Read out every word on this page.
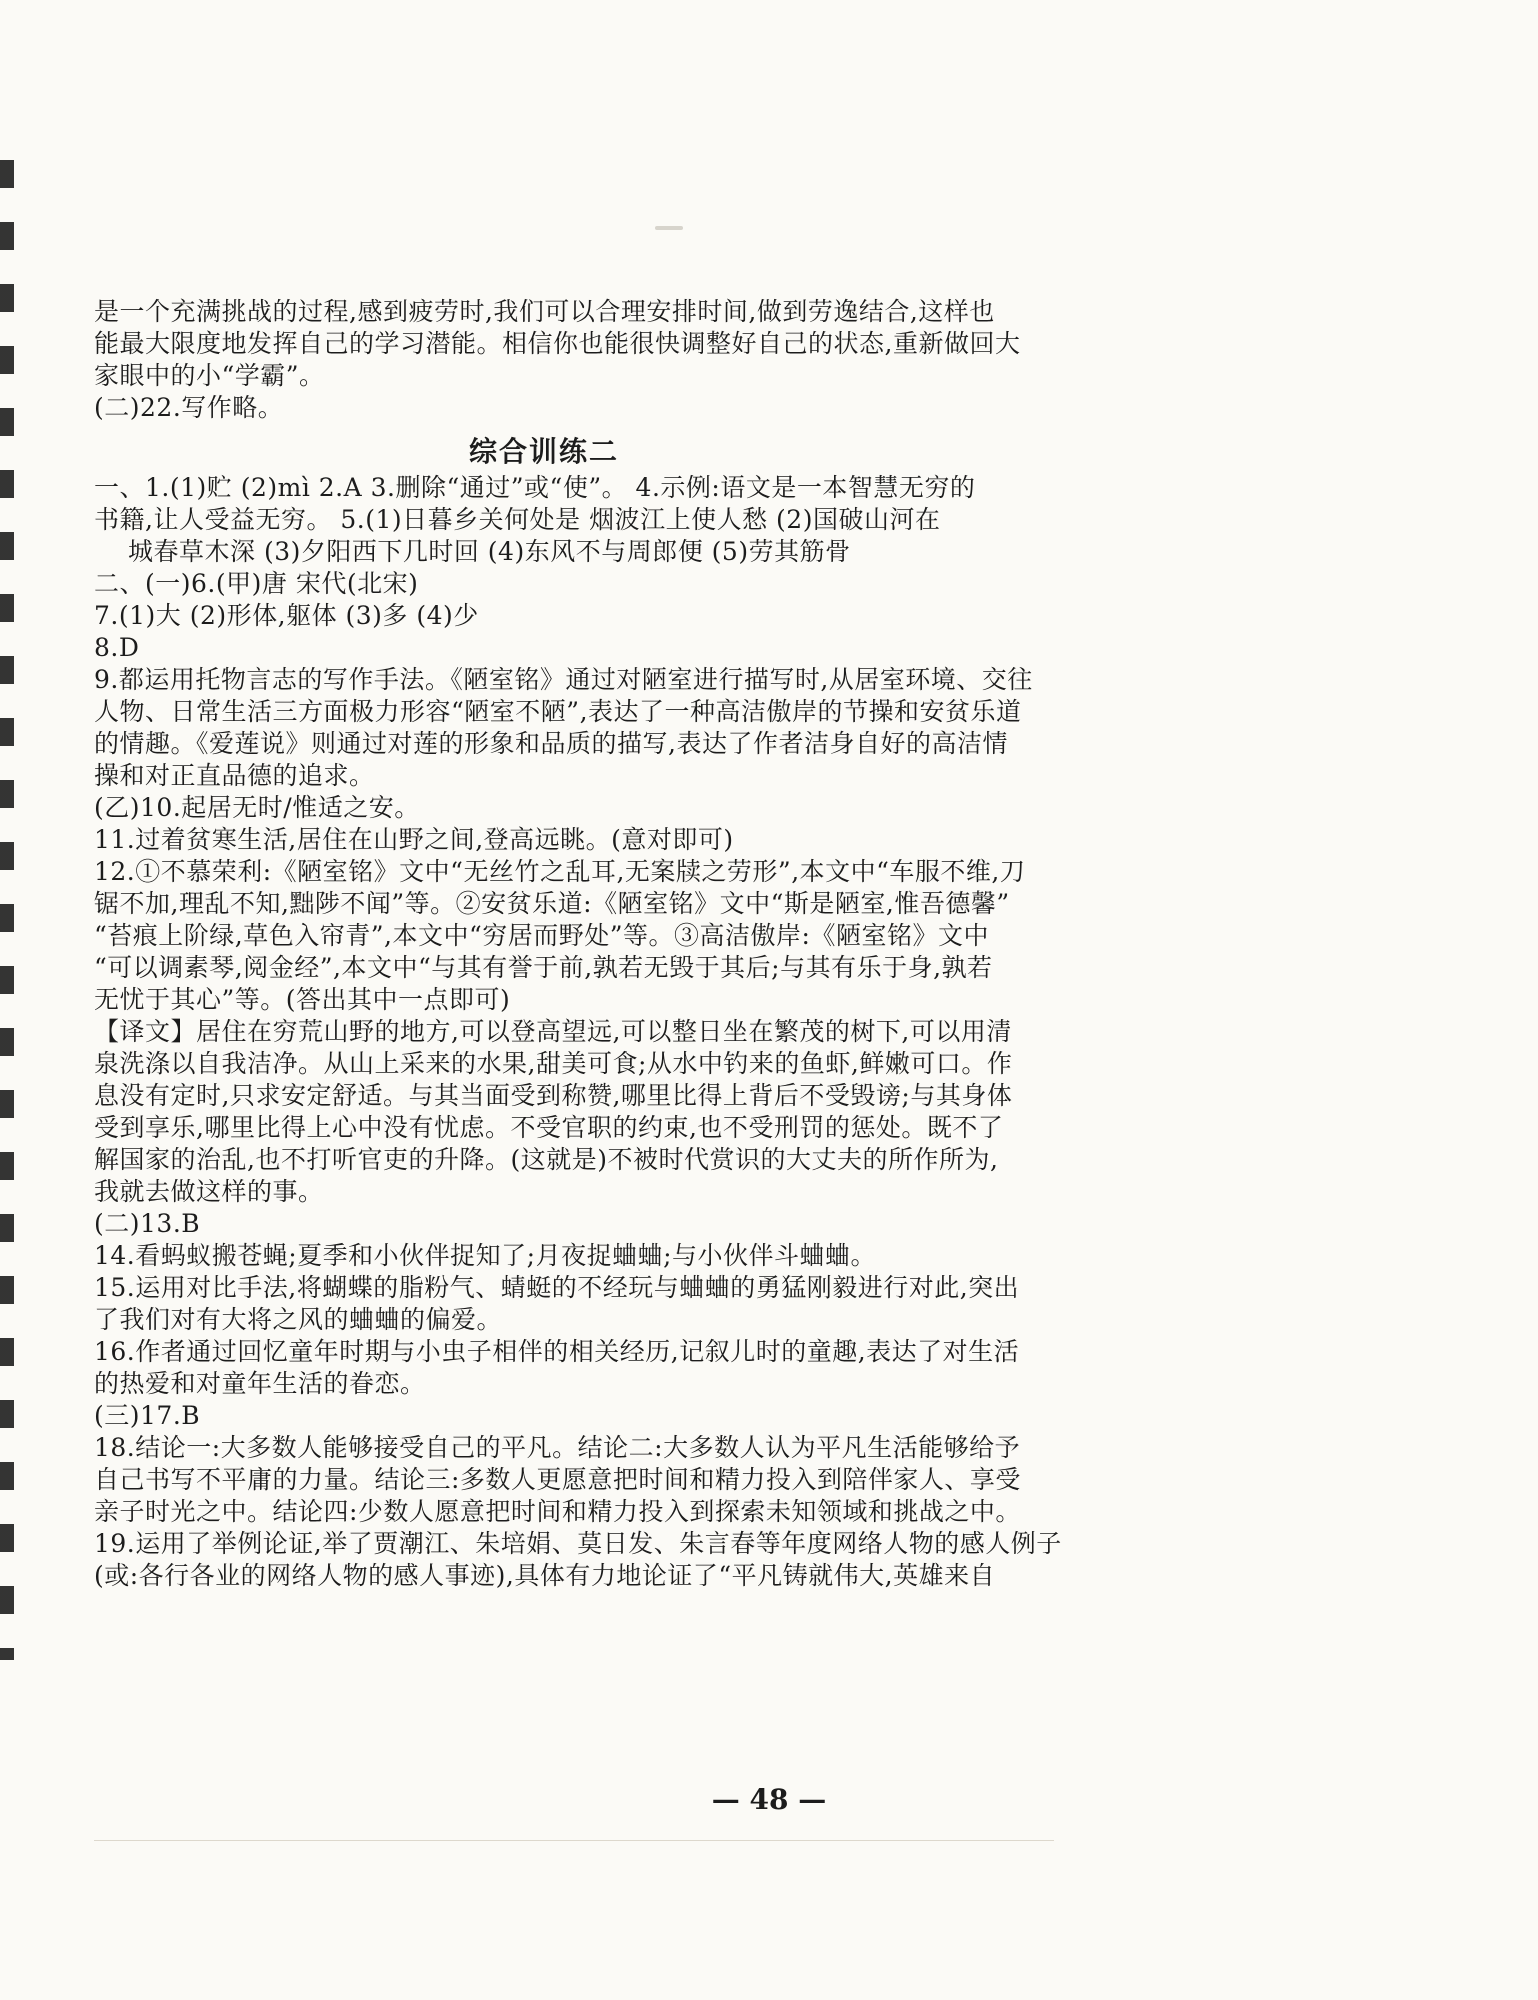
是一个充满挑战的过程,感到疲劳时,我们可以合理安排时间,做到劳逸结合,这样也
能最大限度地发挥自己的学习潜能。相信你也能很快调整好自己的状态,重新做回大
家眼中的小“学霸”。
(二)22.写作略。
综合训练二
一、1.(1)贮 (2)mì 2.A 3.删除“通过”或“使”。 4.示例:语文是一本智慧无穷的
书籍,让人受益无穷。 5.(1)日暮乡关何处是 烟波江上使人愁 (2)国破山河在
城春草木深 (3)夕阳西下几时回 (4)东风不与周郎便 (5)劳其筋骨
二、(一)6.(甲)唐 宋代(北宋)
7.(1)大 (2)形体,躯体 (3)多 (4)少
8.D
9.都运用托物言志的写作手法。《陋室铭》通过对陋室进行描写时,从居室环境、交往
人物、日常生活三方面极力形容“陋室不陋”,表达了一种高洁傲岸的节操和安贫乐道
的情趣。《爱莲说》则通过对莲的形象和品质的描写,表达了作者洁身自好的高洁情
操和对正直品德的追求。
(乙)10.起居无时/惟适之安。
11.过着贫寒生活,居住在山野之间,登高远眺。(意对即可)
12.①不慕荣利:《陋室铭》文中“无丝竹之乱耳,无案牍之劳形”,本文中“车服不维,刀
锯不加,理乱不知,黜陟不闻”等。②安贫乐道:《陋室铭》文中“斯是陋室,惟吾德馨”
“苔痕上阶绿,草色入帘青”,本文中“穷居而野处”等。③高洁傲岸:《陋室铭》文中
“可以调素琴,阅金经”,本文中“与其有誉于前,孰若无毁于其后;与其有乐于身,孰若
无忧于其心”等。(答出其中一点即可)
【译文】居住在穷荒山野的地方,可以登高望远,可以整日坐在繁茂的树下,可以用清
泉洗涤以自我洁净。从山上采来的水果,甜美可食;从水中钓来的鱼虾,鲜嫩可口。作
息没有定时,只求安定舒适。与其当面受到称赞,哪里比得上背后不受毁谤;与其身体
受到享乐,哪里比得上心中没有忧虑。不受官职的约束,也不受刑罚的惩处。既不了
解国家的治乱,也不打听官吏的升降。(这就是)不被时代赏识的大丈夫的所作所为,
我就去做这样的事。
(二)13.B
14.看蚂蚁搬苍蝇;夏季和小伙伴捉知了;月夜捉蛐蛐;与小伙伴斗蛐蛐。
15.运用对比手法,将蝴蝶的脂粉气、蜻蜓的不经玩与蛐蛐的勇猛刚毅进行对此,突出
了我们对有大将之风的蛐蛐的偏爱。
16.作者通过回忆童年时期与小虫子相伴的相关经历,记叙儿时的童趣,表达了对生活
的热爱和对童年生活的眷恋。
(三)17.B
18.结论一:大多数人能够接受自己的平凡。结论二:大多数人认为平凡生活能够给予
自己书写不平庸的力量。结论三:多数人更愿意把时间和精力投入到陪伴家人、享受
亲子时光之中。结论四:少数人愿意把时间和精力投入到探索未知领域和挑战之中。
19.运用了举例论证,举了贾潮江、朱培娟、莫日发、朱言春等年度网络人物的感人例子
(或:各行各业的网络人物的感人事迹),具体有力地论证了“平凡铸就伟大,英雄来自
— 48 —
